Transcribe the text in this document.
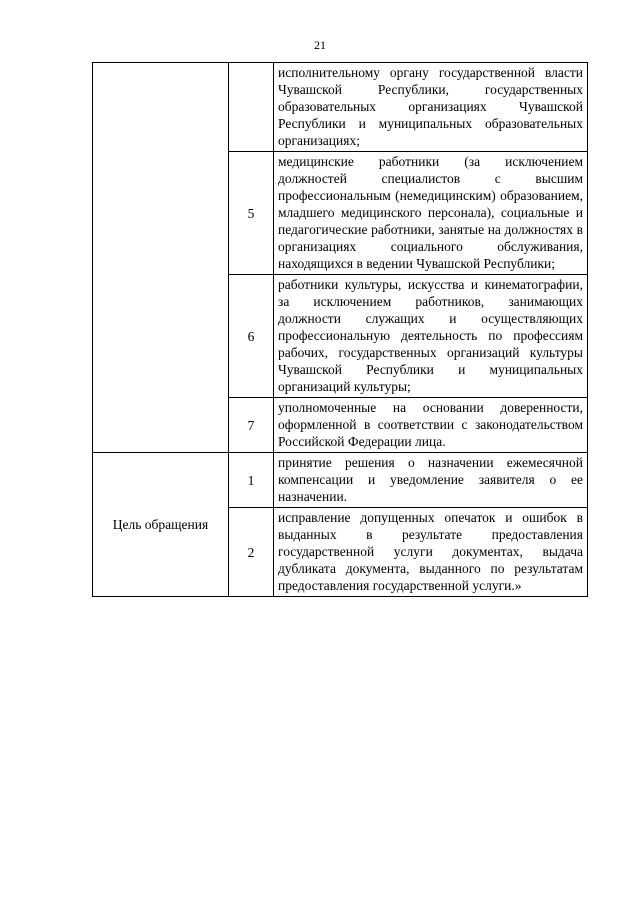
21
		исполнительному органу государственной власти Чувашской Республики, государственных образовательных организациях Чувашской Республики и муниципальных образовательных организациях;
	5	медицинские работники (за исключением должностей специалистов с высшим профессиональным (немедицинским) образованием, младшего медицинского персонала), социальные и педагогические работники, занятые на должностях в организациях социального обслуживания, находящихся в ведении Чувашской Республики;
	6	работники культуры, искусства и кинематографии, за исключением работников, занимающих должности служащих и осуществляющих профессиональную деятельность по профессиям рабочих, государственных организаций культуры Чувашской Республики и муниципальных организаций культуры;
	7	уполномоченные на основании доверенности, оформленной в соответствии с законодательством Российской Федерации лица.
Цель обращения	1	принятие решения о назначении ежемесячной компенсации и уведомление заявителя о ее назначении.
	2	исправление допущенных опечаток и ошибок в выданных в результате предоставления государственной услуги документах, выдача дубликата документа, выданного по результатам предоставления государственной услуги.»
